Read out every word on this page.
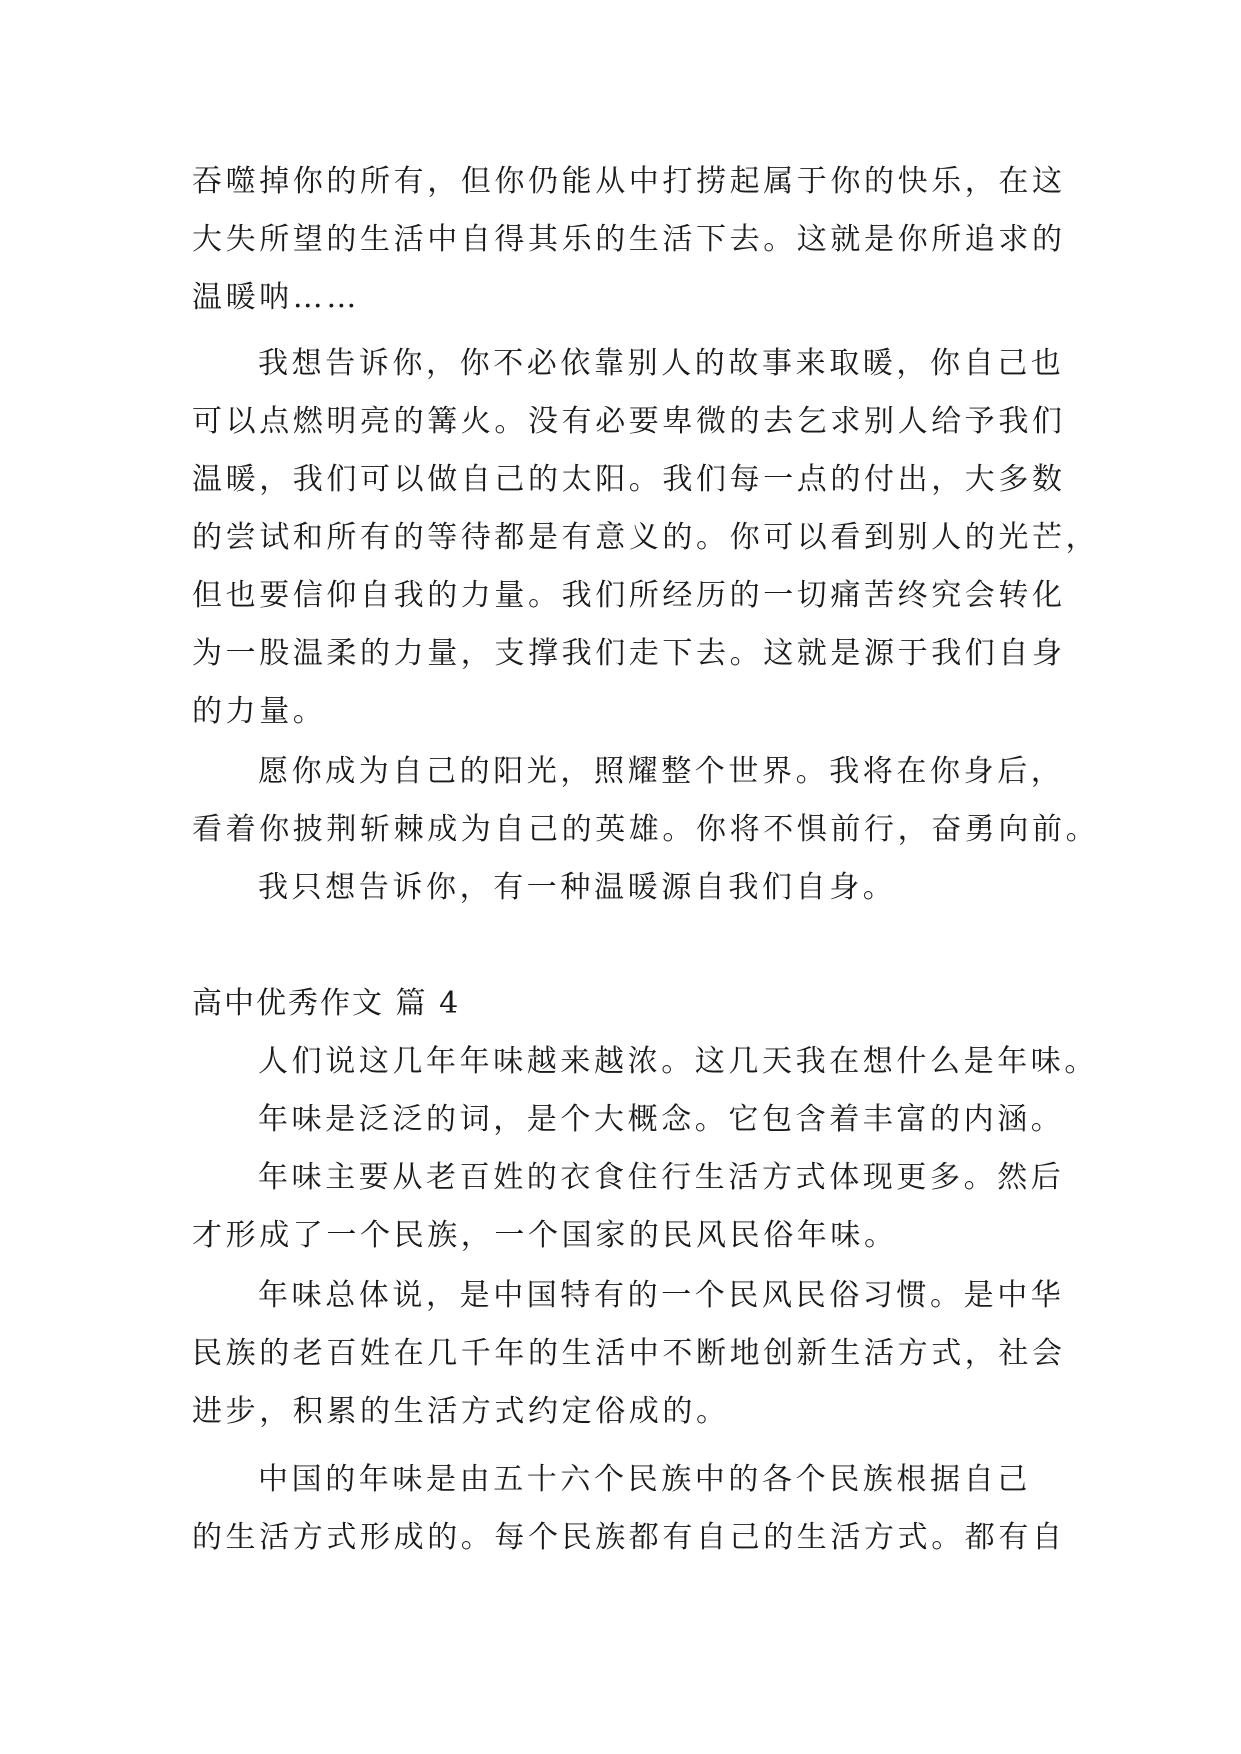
吞噬掉你的所有，但你仍能从中打捞起属于你的快乐，在这
大失所望的生活中自得其乐的生活下去。这就是你所追求的
温暖呐……
我想告诉你，你不必依靠别人的故事来取暖，你自己也
可以点燃明亮的篝火。没有必要卑微的去乞求别人给予我们
温暖，我们可以做自己的太阳。我们每一点的付出，大多数
的尝试和所有的等待都是有意义的。你可以看到别人的光芒，
但也要信仰自我的力量。我们所经历的一切痛苦终究会转化
为一股温柔的力量，支撑我们走下去。这就是源于我们自身
的力量。
愿你成为自己的阳光，照耀整个世界。我将在你身后，
看着你披荆斩棘成为自己的英雄。你将不惧前行，奋勇向前。
我只想告诉你，有一种温暖源自我们自身。
高中优秀作文 篇 4
人们说这几年年味越来越浓。这几天我在想什么是年味。
年味是泛泛的词，是个大概念。它包含着丰富的内涵。
年味主要从老百姓的衣食住行生活方式体现更多。然后
才形成了一个民族，一个国家的民风民俗年味。
年味总体说，是中国特有的一个民风民俗习惯。是中华
民族的老百姓在几千年的生活中不断地创新生活方式，社会
进步，积累的生活方式约定俗成的。
中国的年味是由五十六个民族中的各个民族根据自己
的生活方式形成的。每个民族都有自己的生活方式。都有自
